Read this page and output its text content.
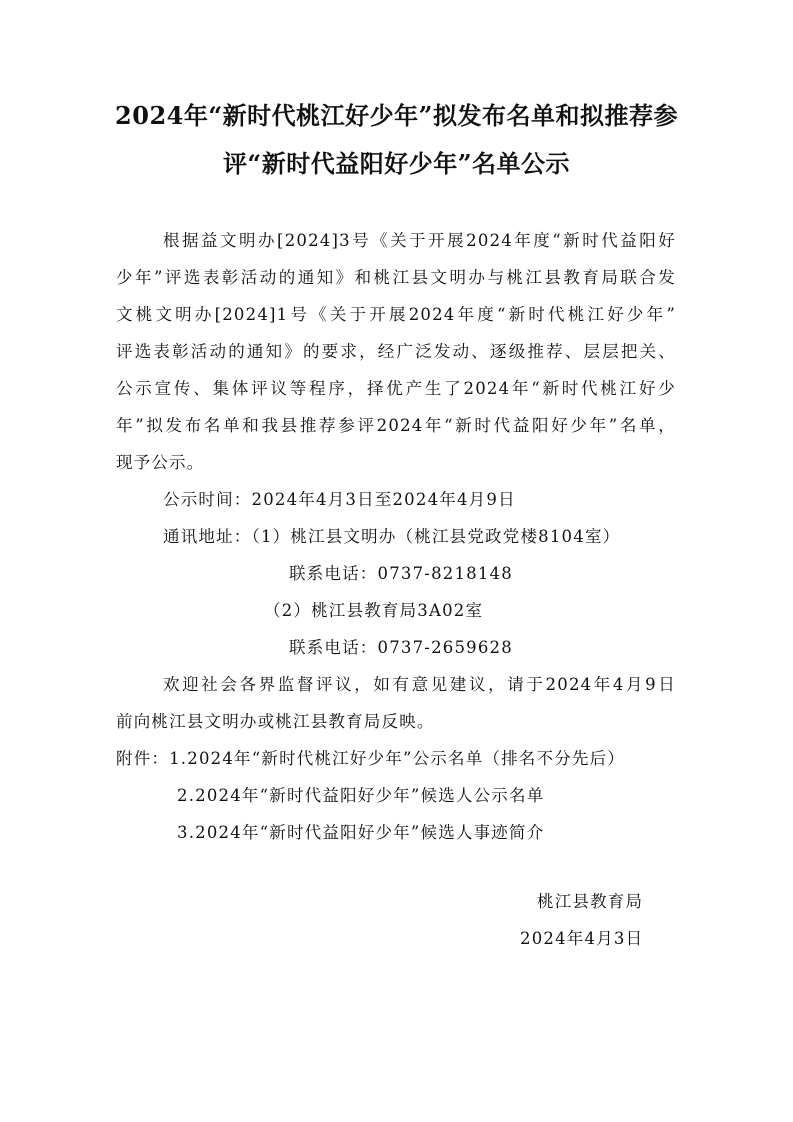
2024年“新时代桃江好少年”拟发布名单和拟推荐参
评“新时代益阳好少年”名单公示
根据益文明办[2024]3号《关于开展2024年度“新时代益阳好
少年”评选表彰活动的通知》和桃江县文明办与桃江县教育局联合发
文桃文明办[2024]1号《关于开展2024年度“新时代桃江好少年”
评选表彰活动的通知》的要求，经广泛发动、逐级推荐、层层把关、
公示宣传、集体评议等程序，择优产生了2024年“新时代桃江好少
年”拟发布名单和我县推荐参评2024年“新时代益阳好少年”名单，
现予公示。
公示时间：2024年4月3日至2024年4月9日
通讯地址：（1）桃江县文明办（桃江县党政党楼8104室）
联系电话：0737-8218148
（2）桃江县教育局3A02室
联系电话：0737-2659628
欢迎社会各界监督评议，如有意见建议，请于2024年4月9日
前向桃江县文明办或桃江县教育局反映。
附件：1.2024年“新时代桃江好少年”公示名单（排名不分先后）
2.2024年“新时代益阳好少年”候选人公示名单
3.2024年“新时代益阳好少年”候选人事迹简介
桃江县教育局
2024年4月3日
